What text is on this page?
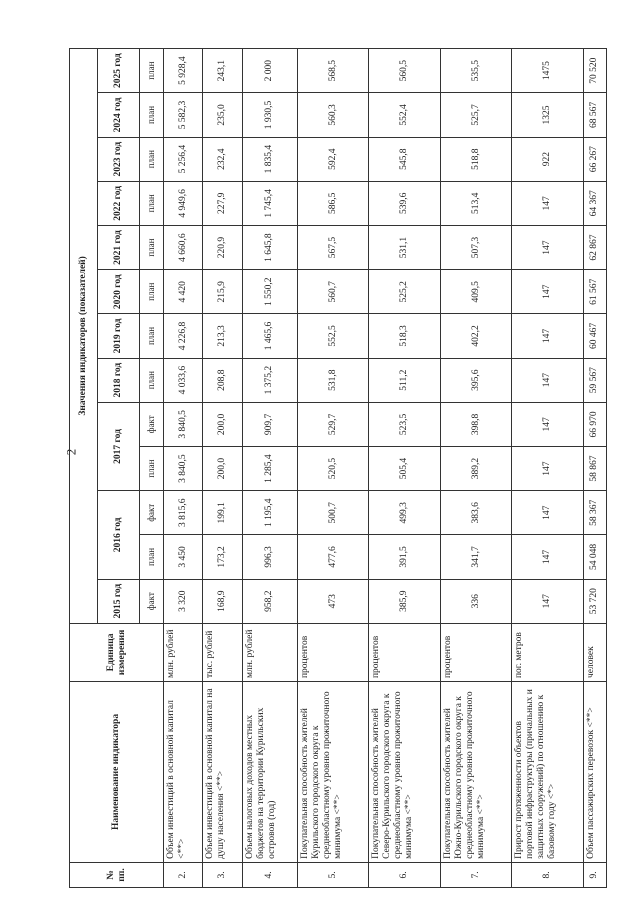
2
№ пп.	Наименование индикатора	Единица измерения	Значения индикаторов (показателей)												
			2015 год	2016 год		2017 год		2018 год	2019 год	2020 год	2021 год	2022 год	2023 год	2024 год	2025 год
			факт	план	факт	план	факт	план	план	план	план	план	план	план	план
2.	Объем инвестиций в основной капитал <**>	млн. рублей	3 320	3 450	3 815,6	3 840,5	3 840,5	4 033,6	4 226,8	4 420	4 660,6	4 949,6	5 256,4	5 582,3	5 928,4
3.	Объем инвестиций в основной капитал на душу населения <**>	тыс. рублей	168,9	173,2	199,1	200,0	200,0	208,8	213,3	215,9	220,9	227,9	232,4	235,0	243,1
4.	Объем налоговых доходов местных бюджетов на территории Курильских островов (год)	млн. рублей	958,2	996,3	1 195,4	1 285,4	909,7	1 375,2	1 465,6	1 550,2	1 645,8	1 745,4	1 835,4	1 930,5	2 000
5.	Покупательная способность жителей Курильского городского округа к среднеобластному уровню прожиточного минимума <**>	процентов	473	477,6	500,7	520,5	529,7	531,8	552,5	560,7	567,5	586,5	592,4	560,3	568,5
6.	Покупательная способность жителей Северо-Курильского городского округа к среднеобластному уровню прожиточного минимума <**>	процентов	385,9	391,5	499,3	505,4	523,5	511,2	518,3	525,2	531,1	539,6	545,8	552,4	560,5
7.	Покупательная способность жителей Южно-Курильского городского округа к среднеобластному уровню прожиточного минимума <**>	процентов	336	341,7	383,6	389,2	398,8	395,6	402,2	409,5	507,3	513,4	518,8	525,7	535,5
8.	Прирост протяженности объектов портовой инфраструктуры (причальных и защитных сооружений) по отношению к базовому году <*>	пог. метров	147	147	147	147	147	147	147	147	147	147	922	1325	1475
9.	Объем пассажирских перевозок <**>	человек	53 720	54 048	58 367	58 867	66 970	59 567	60 467	61 567	62 867	64 367	66 267	68 567	70 520
